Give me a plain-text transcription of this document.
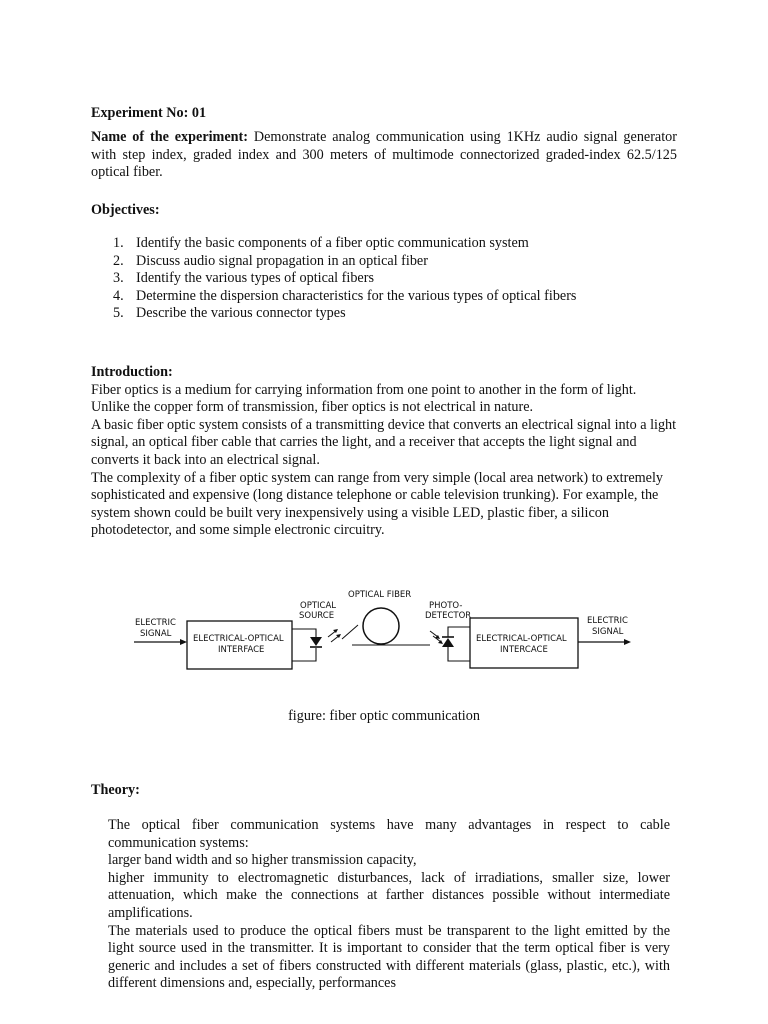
Experiment No: 01
Name of the experiment: Demonstrate analog communication using 1KHz audio signal generator with step index, graded index and 300 meters of multimode connectorized graded-index 62.5/125 optical fiber.
Objectives:
1. Identify the basic components of a fiber optic communication system
2. Discuss audio signal propagation in an optical fiber
3. Identify the various types of optical fibers
4. Determine the dispersion characteristics for the various types of optical fibers
5. Describe the various connector types

Introduction:

Fiber optics is a medium for carrying information from one point to another in the form of light. Unlike the copper form of transmission, fiber optics is not electrical in nature.

A basic fiber optic system consists of a transmitting device that converts an electrical signal into a light signal, an optical fiber cable that carries the light, and a receiver that accepts the light signal and converts it back into an electrical signal.

The complexity of a fiber optic system can range from very simple (local area network) to extremely sophisticated and expensive (long distance telephone or cable television trunking). For example, the system shown could be built very inexpensively using a visible LED, plastic fiber, a silicon photodetector, and some simple electronic circuitry.

OPTICAL FIBER
OPTICAL
SOURCE
PHOTO-
DETECTOR
ELECTRIC
SIGNAL
ELECTRIC
SIGNAL
ELECTRICAL-OPTICAL
INTERFACE
ELECTRICAL-OPTICAL
INTERCACE
figure: fiber optic communication
Theory:

The optical fiber communication systems have many advantages in respect to cable communication systems:

larger band width and so higher transmission capacity,

higher immunity to electromagnetic disturbances, lack of irradiations, smaller size, lower attenuation, which make the connections at farther distances possible without intermediate amplifications.

The materials used to produce the optical fibers must be transparent to the light emitted by the light source used in the transmitter. It is important to consider that the term optical fiber is very generic and includes a set of fibers constructed with different materials (glass, plastic, etc.), with different dimensions and, especially, performances
